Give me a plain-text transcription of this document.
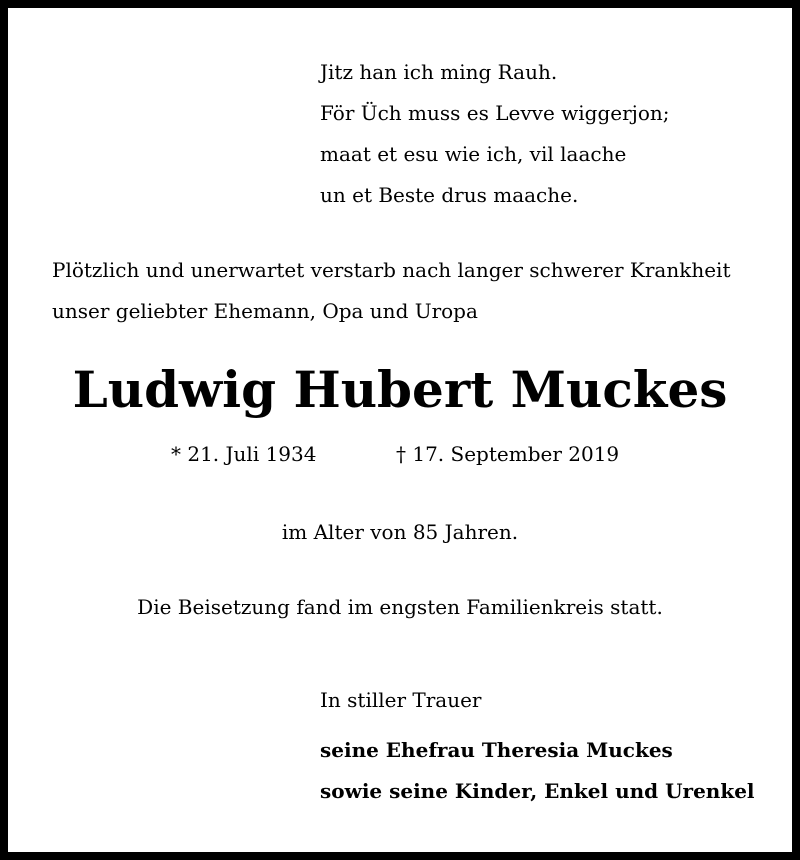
Jitz han ich ming Rauh.
För Üch muss es Levve wiggerjon;
maat et esu wie ich, vil laache
un et Beste drus maache.
Plötzlich und unerwartet verstarb nach langer schwerer Krankheit
unser geliebter Ehemann, Opa und Uropa
Ludwig Hubert Muckes
* 21. Juli 1934	† 17. September 2019
im Alter von 85 Jahren.
Die Beisetzung fand im engsten Familienkreis statt.
In stiller Trauer
seine Ehefrau Theresia Muckes
sowie seine Kinder, Enkel und Urenkel
